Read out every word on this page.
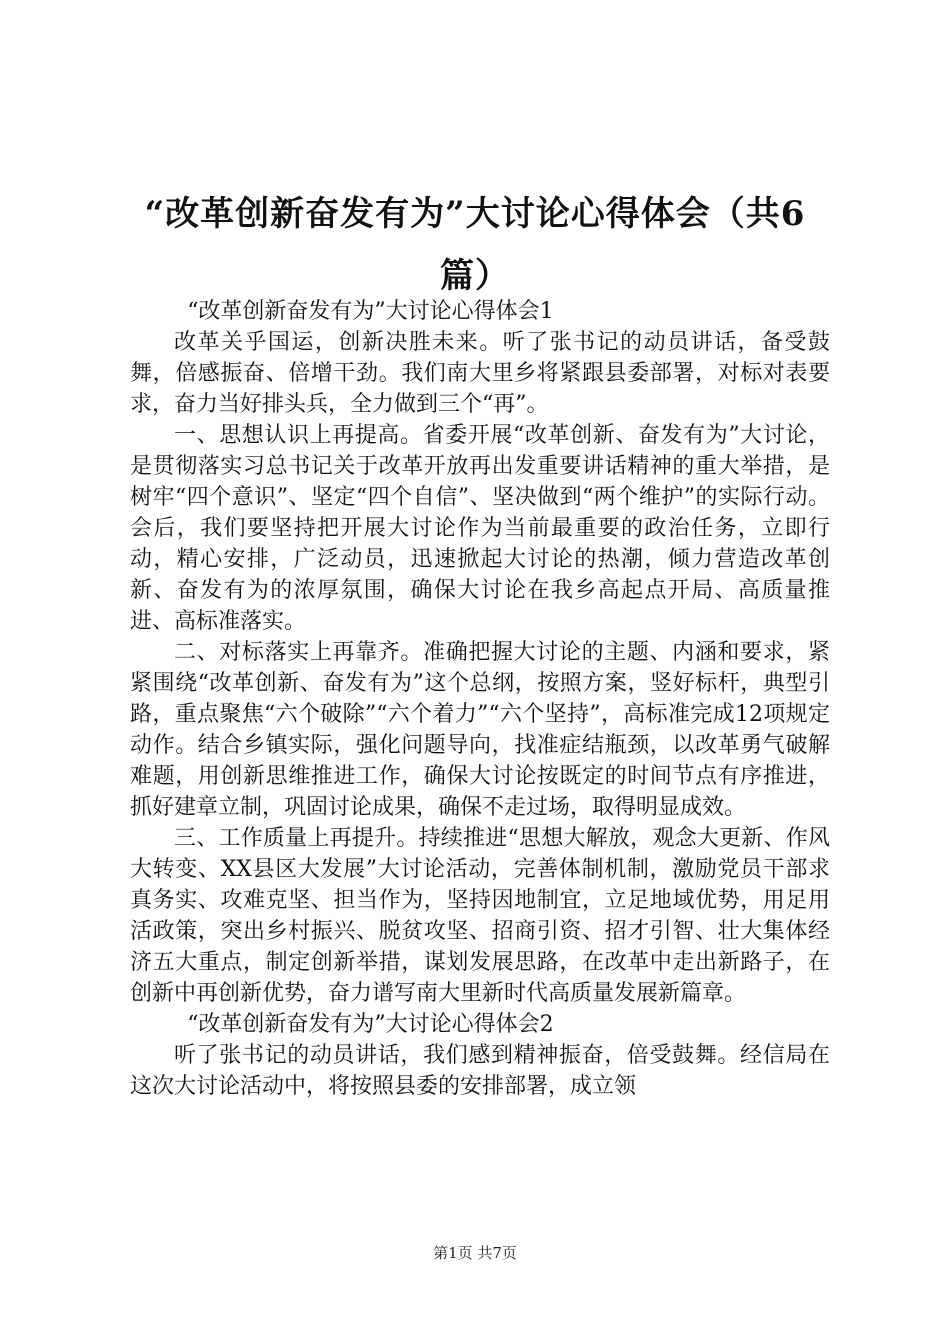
“改革创新奋发有为”大讨论心得体会（共6篇）

“改革创新奋发有为”大讨论心得体会1

改革关乎国运，创新决胜未来。听了张书记的动员讲话，备受鼓舞，倍感振奋、倍增干劲。我们南大里乡将紧跟县委部署，对标对表要求，奋力当好排头兵，全力做到三个“再”。

一、思想认识上再提高。省委开展“改革创新、奋发有为”大讨论，是贯彻落实习总书记关于改革开放再出发重要讲话精神的重大举措，是树牢“四个意识”、坚定“四个自信”、坚决做到“两个维护”的实际行动。会后，我们要坚持把开展大讨论作为当前最重要的政治任务，立即行动，精心安排，广泛动员，迅速掀起大讨论的热潮，倾力营造改革创新、奋发有为的浓厚氛围，确保大讨论在我乡高起点开局、高质量推进、高标准落实。

二、对标落实上再靠齐。准确把握大讨论的主题、内涵和要求，紧紧围绕“改革创新、奋发有为”这个总纲，按照方案，竖好标杆，典型引路，重点聚焦“六个破除”“六个着力”“六个坚持”，高标准完成12项规定动作。结合乡镇实际，强化问题导向，找准症结瓶颈，以改革勇气破解难题，用创新思维推进工作，确保大讨论按既定的时间节点有序推进，抓好建章立制，巩固讨论成果，确保不走过场，取得明显成效。

三、工作质量上再提升。持续推进“思想大解放，观念大更新、作风大转变、XX县区大发展”大讨论活动，完善体制机制，激励党员干部求真务实、攻难克坚、担当作为，坚持因地制宜，立足地域优势，用足用活政策，突出乡村振兴、脱贫攻坚、招商引资、招才引智、壮大集体经济五大重点，制定创新举措，谋划发展思路，在改革中走出新路子，在创新中再创新优势，奋力谱写南大里新时代高质量发展新篇章。

“改革创新奋发有为”大讨论心得体会2

听了张书记的动员讲话，我们感到精神振奋，倍受鼓舞。经信局在这次大讨论活动中，将按照县委的安排部署，成立领

第1页 共7页
